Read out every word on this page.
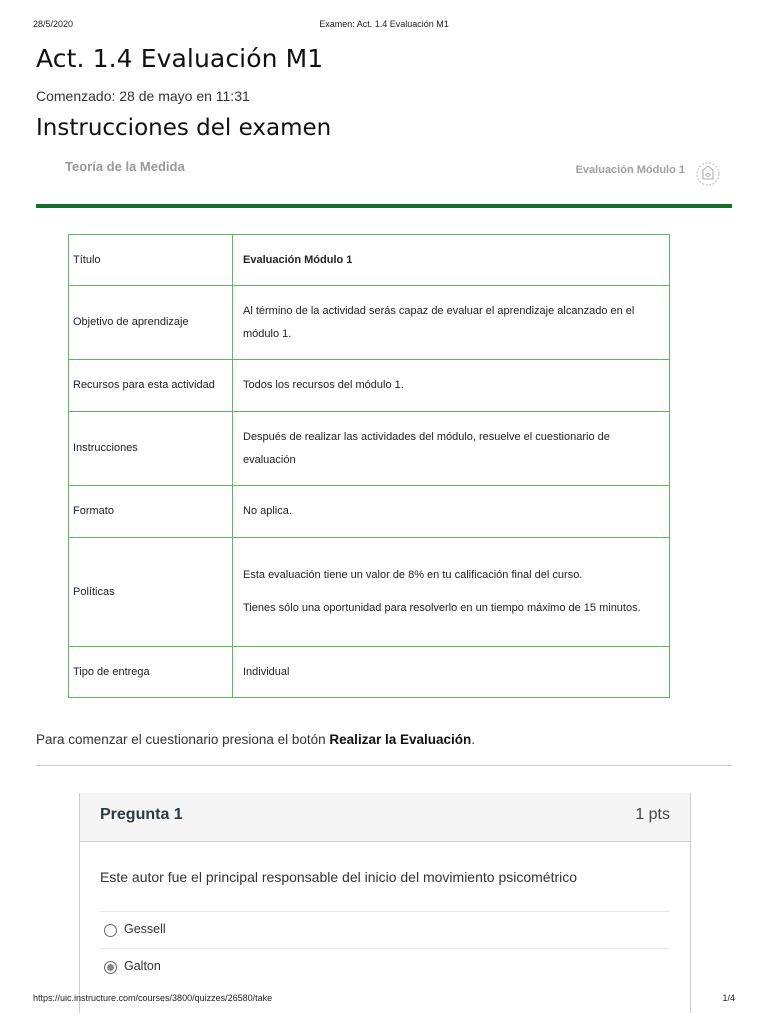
28/5/2020	Examen: Act. 1.4 Evaluación M1
Act. 1.4 Evaluación M1
Comenzado: 28 de mayo en 11:31
Instrucciones del examen
Teoría de la Medida	Evaluación Módulo 1
Título	Evaluación Módulo 1
Objetivo de aprendizaje	Al término de la actividad serás capaz de evaluar el aprendizaje alcanzado en el módulo 1.
Recursos para esta actividad	Todos los recursos del módulo 1.
Instrucciones	Después de realizar las actividades del módulo, resuelve el cuestionario de evaluación
Formato	No aplica.
Políticas	Esta evaluación tiene un valor de 8% en tu calificación final del curso.

Tienes sólo una oportunidad para resolverlo en un tiempo máximo de 15 minutos.

Tipo de entrega	Individual
Para comenzar el cuestionario presiona el botón Realizar la Evaluación.
Pregunta 1	1 pts
Este autor fue el principal responsable del inicio del movimiento psicométrico
Gessell
Galton
https://uic.instructure.com/courses/3800/quizzes/26580/take	1/4
